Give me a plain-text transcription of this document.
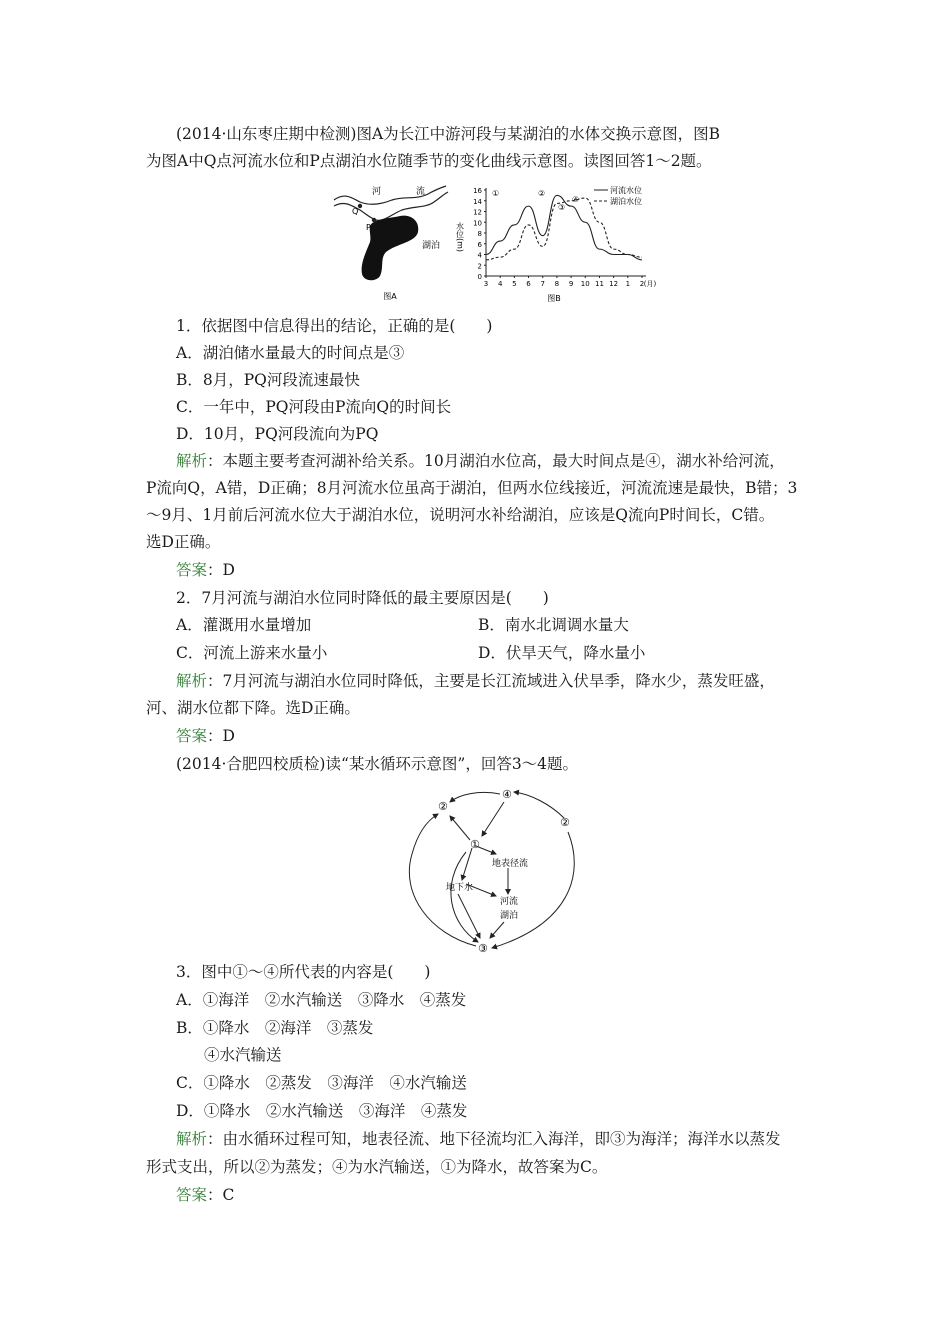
(2014·山东枣庄期中检测)图A为长江中游河段与某湖泊的水体交换示意图，图B
为图A中Q点河流水位和P点湖泊水位随季节的变化曲线示意图。读图回答1～2题。
河	流
Q
P
湖泊
图A
0
2
4
6
8
10
12
14
16
3 4 5 6 7 8 9 10 11 12 1 2 (月)
①	②
③
④
河流水位
湖泊水位
水位(m)
图B
1．依据图中信息得出的结论，正确的是(　　)
A．湖泊储水量最大的时间点是③
B．8月，PQ河段流速最快
C．一年中，PQ河段由P流向Q的时间长
D．10月，PQ河段流向为PQ
解析：本题主要考查河湖补给关系。10月湖泊水位高，最大时间点是④，湖水补给河流，
P流向Q，A错，D正确；8月河流水位虽高于湖泊，但两水位线接近，河流流速是最快，B错；3
～9月、1月前后河流水位大于湖泊水位，说明河水补给湖泊，应该是Q流向P时间长，C错。
选D正确。
答案：D
2．7月河流与湖泊水位同时降低的最主要原因是(　　)
A．灌溉用水量增加	B．南水北调调水量大
C．河流上游来水量小	D．伏旱天气，降水量小
解析：7月河流与湖泊水位同时降低，主要是长江流域进入伏旱季，降水少，蒸发旺盛，
河、湖水位都下降。选D正确。
答案：D
(2014·合肥四校质检)读“某水循环示意图”，回答3～4题。
②
④
②
①
③
地表径流
地下水
河流
湖泊
3．图中①～④所代表的内容是(　　)
A．①海洋　②水汽输送　③降水　④蒸发
B．①降水　②海洋　③蒸发
④水汽输送
C．①降水　②蒸发　③海洋　④水汽输送
D．①降水　②水汽输送　③海洋　④蒸发
解析：由水循环过程可知，地表径流、地下径流均汇入海洋，即③为海洋；海洋水以蒸发
形式支出，所以②为蒸发；④为水汽输送，①为降水，故答案为C。
答案：C
